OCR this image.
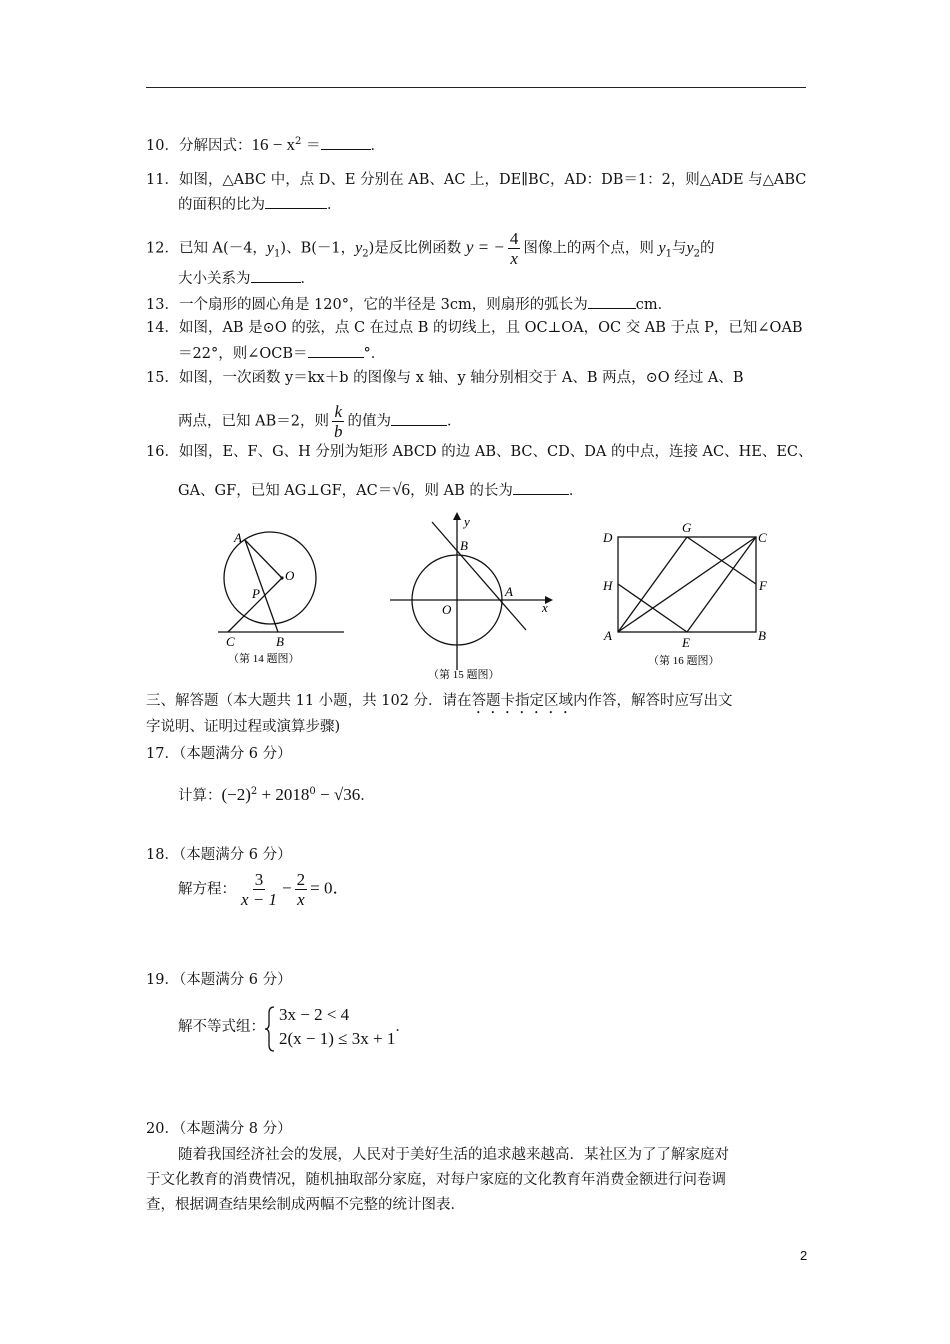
10．分解因式：$16 - x^2$ ＝	．
11．如图，△ABC 中，点 D、E 分别在 AB、AC 上，DE∥BC，AD：DB＝1：2，则△ADE 与△ABC
的面积的比为	．
12．已知 A(－4，$y_1$)、B(－1，$y_2$)是反比例函数 y = − $\frac{4}{x}$ 图像上的两个点，则 $y_1$与$y_2$的
大小关系为	．
13．一个扇形的圆心角是 120°，它的半径是 3cm，则扇形的弧长为	cm．
14．如图，AB 是⊙O 的弦，点 C 在过点 B 的切线上，且 OC⊥OA，OC 交 AB 于点 P，已知∠OAB
＝22°，则∠OCB＝	°．
15．如图，一次函数 y＝kx＋b 的图像与 x 轴、y 轴分别相交于 A、B 两点，⊙O 经过 A、B
两点，已知 AB＝2，则 $\frac{k}{b}$ 的值为	．
16．如图，E、F、G、H 分别为矩形 ABCD 的边 AB、BC、CD、DA 的中点，连接 AC、HE、EC、
GA、GF，已知 AG⊥GF，AC＝√6，则 AB 的长为	．
A
O
P
C	B
（第 14 题图）
y
B
O
A
x
（第 15 题图）
D
G
C
H	F
A	E	B
（第 16 题图）
三、解答题（本大题共 11 小题，共 102 分．请在答题卡指定区域内作答，解答时应写出文
字说明、证明过程或演算步骤)
17．（本题满分 6 分）
计算：$(-2)^2 + 2018^0 - √36$．
18．（本题满分 6 分）
解方程： $\frac{3}{x - 1} - \frac{2}{x} = 0$．
19．（本题满分 6 分）
解不等式组：
3x − 2 < 4
2(x − 1) ≤ 3x + 1
．
20．（本题满分 8 分）
随着我国经济社会的发展，人民对于美好生活的追求越来越高．某社区为了了解家庭对
于文化教育的消费情况，随机抽取部分家庭，对每户家庭的文化教育年消费金额进行问卷调
查，根据调查结果绘制成两幅不完整的统计图表．
2
